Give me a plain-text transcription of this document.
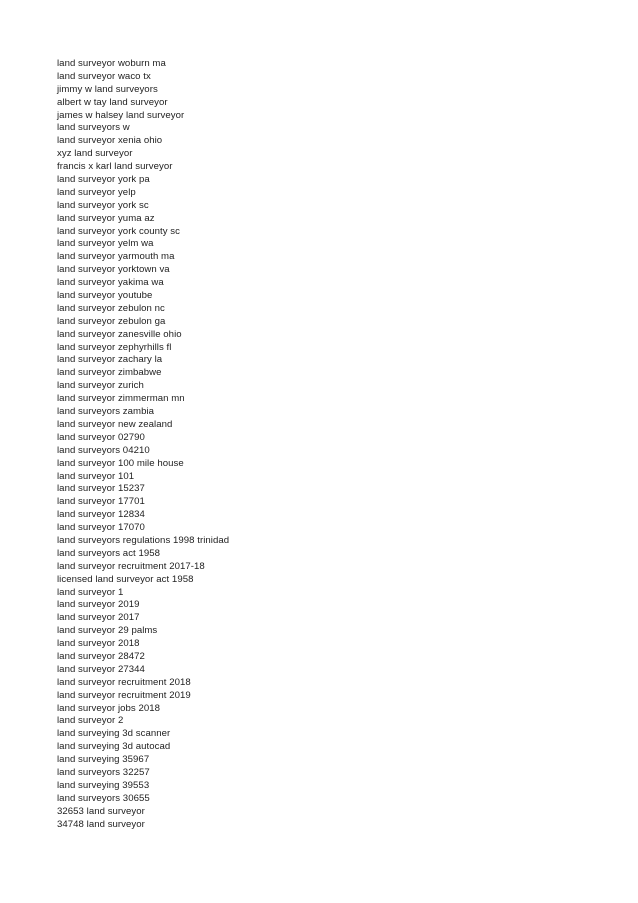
land surveyor woburn ma
land surveyor waco tx
jimmy w land surveyors
albert w tay land surveyor
james w halsey land surveyor
land surveyors w
land surveyor xenia ohio
xyz land surveyor
francis x karl land surveyor
land surveyor york pa
land surveyor yelp
land surveyor york sc
land surveyor yuma az
land surveyor york county sc
land surveyor yelm wa
land surveyor yarmouth ma
land surveyor yorktown va
land surveyor yakima wa
land surveyor youtube
land surveyor zebulon nc
land surveyor zebulon ga
land surveyor zanesville ohio
land surveyor zephyrhills fl
land surveyor zachary la
land surveyor zimbabwe
land surveyor zurich
land surveyor zimmerman mn
land surveyors zambia
land surveyor new zealand
land surveyor 02790
land surveyors 04210
land surveyor 100 mile house
land surveyor 101
land surveyor 15237
land surveyor 17701
land surveyor 12834
land surveyor 17070
land surveyors regulations 1998 trinidad
land surveyors act 1958
land surveyor recruitment 2017-18
licensed land surveyor act 1958
land surveyor 1
land surveyor 2019
land surveyor 2017
land surveyor 29 palms
land surveyor 2018
land surveyor 28472
land surveyor 27344
land surveyor recruitment 2018
land surveyor recruitment 2019
land surveyor jobs 2018
land surveyor 2
land surveying 3d scanner
land surveying 3d autocad
land surveying 35967
land surveyors 32257
land surveying 39553
land surveyors 30655
32653 land surveyor
34748 land surveyor
